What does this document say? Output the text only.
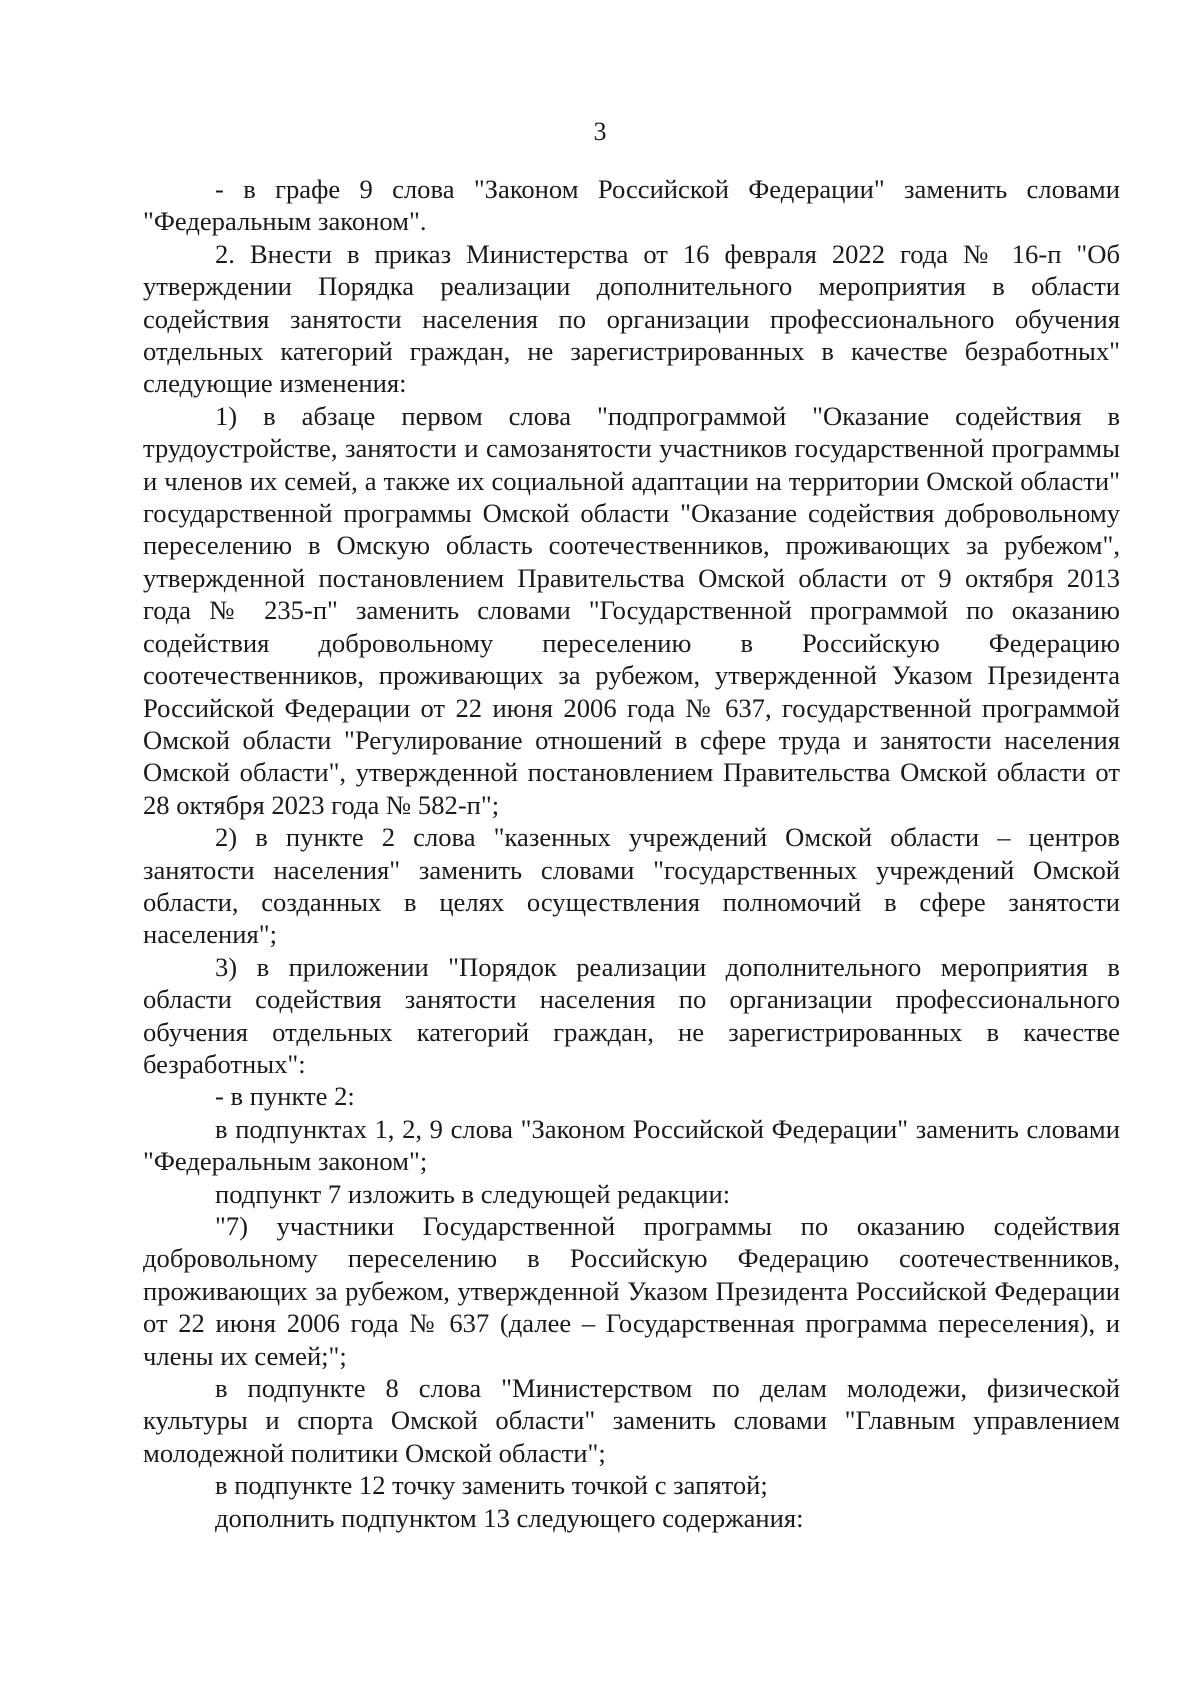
3

- в графе 9 слова "Законом Российской Федерации" заменить словами "Федеральным законом".

2. Внести в приказ Министерства от 16 февраля 2022 года № 16-п "Об утверждении Порядка реализации дополнительного мероприятия в области содействия занятости населения по организации профессионального обучения отдельных категорий граждан, не зарегистрированных в качестве безработных" следующие изменения:

1) в абзаце первом слова "подпрограммой "Оказание содействия в трудоустройстве, занятости и самозанятости участников государственной программы и членов их семей, а также их социальной адаптации на территории Омской области" государственной программы Омской области "Оказание содействия добровольному переселению в Омскую область соотечественников, проживающих за рубежом", утвержденной постановлением Правительства Омской области от 9 октября 2013 года № 235-п" заменить словами "Государственной программой по оказанию содействия добровольному переселению в Российскую Федерацию соотечественников, проживающих за рубежом, утвержденной Указом Президента Российской Федерации от 22 июня 2006 года № 637, государственной программой Омской области "Регулирование отношений в сфере труда и занятости населения Омской области", утвержденной постановлением Правительства Омской области от 28 октября 2023 года № 582-п";

2) в пункте 2 слова "казенных учреждений Омской области – центров занятости населения" заменить словами "государственных учреждений Омской области, созданных в целях осуществления полномочий в сфере занятости населения";

3) в приложении "Порядок реализации дополнительного мероприятия в области содействия занятости населения по организации профессионального обучения отдельных категорий граждан, не зарегистрированных в качестве безработных":

- в пункте 2:

в подпунктах 1, 2, 9 слова "Законом Российской Федерации" заменить словами "Федеральным законом";

подпункт 7 изложить в следующей редакции:

"7) участники Государственной программы по оказанию содействия добровольному переселению в Российскую Федерацию соотечественников, проживающих за рубежом, утвержденной Указом Президента Российской Федерации от 22 июня 2006 года № 637 (далее – Государственная программа переселения), и члены их семей;";

в подпункте 8 слова "Министерством по делам молодежи, физической культуры и спорта Омской области" заменить словами "Главным управлением молодежной политики Омской области";

в подпункте 12 точку заменить точкой с запятой;

дополнить подпунктом 13 следующего содержания:
